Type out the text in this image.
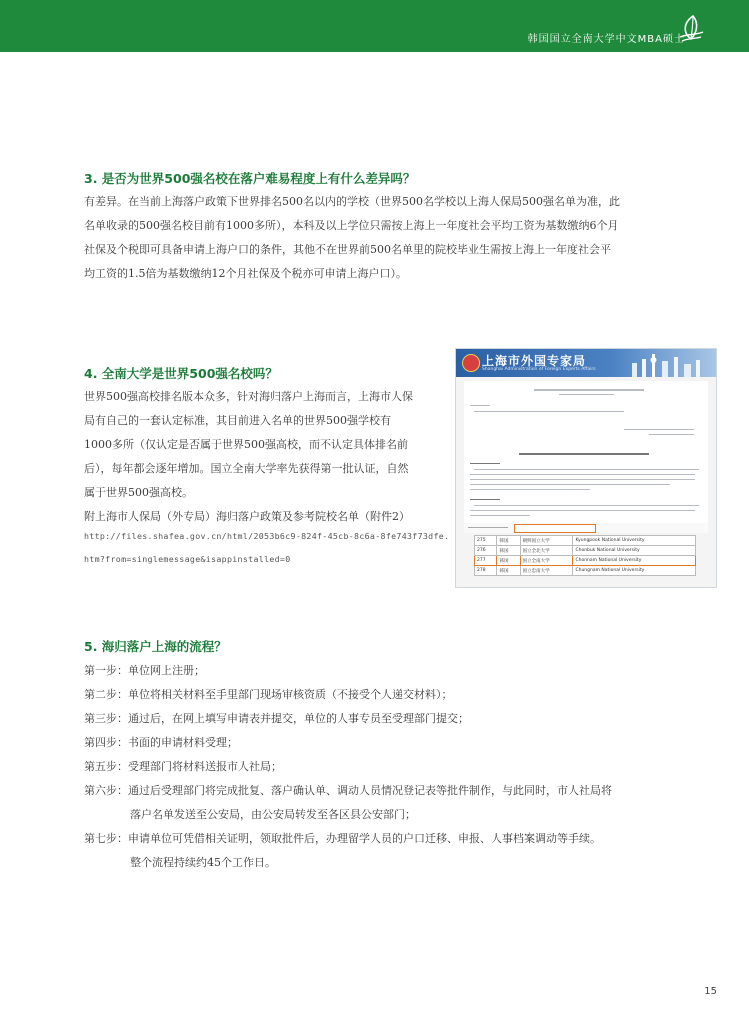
韩国国立全南大学中文MBA硕士
3. 是否为世界500强名校在落户难易程度上有什么差异吗？
有差异。在当前上海落户政策下世界排名500名以内的学校（世界500名学校以上海人保局500强名单为准，此
名单收录的500强名校目前有1000多所），本科及以上学位只需按上海上一年度社会平均工资为基数缴纳6个月
社保及个税即可具备申请上海户口的条件，其他不在世界前500名单里的院校毕业生需按上海上一年度社会平
均工资的1.5倍为基数缴纳12个月社保及个税亦可申请上海户口）。
4. 全南大学是世界500强名校吗？
世界500强高校排名版本众多，针对海归落户上海而言，上海市人保
局有自己的一套认定标准，其目前进入名单的世界500强学校有
1000多所（仅认定是否属于世界500强高校，而不认定具体排名前
后），每年都会逐年增加。国立全南大学率先获得第一批认证，自然
属于世界500强高校。
附上海市人保局（外专局）海归落户政策及参考院校名单（附件2）
http://files.shafea.gov.cn/html/2053b6c9-824f-45cb-8c6a-8fe743f73dfe.
htm?from=singlemessage&isappinstalled=0
上海市外国专家局
Shanghai Administration of Foreign Experts Affairs
275	韩国	朝鲜国立大学	Kyungpook National University
276	韩国	国立全北大学	Chonbuk National University
277	韩国	国立全南大学	Chonnam National University
278	韩国	国立忠南大学	Chungnam National University
5. 海归落户上海的流程？
第一步：单位网上注册；
第二步：单位将相关材料至手里部门现场审核资质（不接受个人递交材料）；
第三步：通过后，在网上填写申请表并提交，单位的人事专员至受理部门提交；
第四步：书面的申请材料受理；
第五步：受理部门将材料送报市人社局；
第六步：通过后受理部门将完成批复、落户确认单、调动人员情况登记表等批件制作，与此同时，市人社局将
落户名单发送至公安局，由公安局转发至各区县公安部门；
第七步：申请单位可凭借相关证明，领取批件后，办理留学人员的户口迁移、申报、人事档案调动等手续。
整个流程持续约45个工作日。
15
